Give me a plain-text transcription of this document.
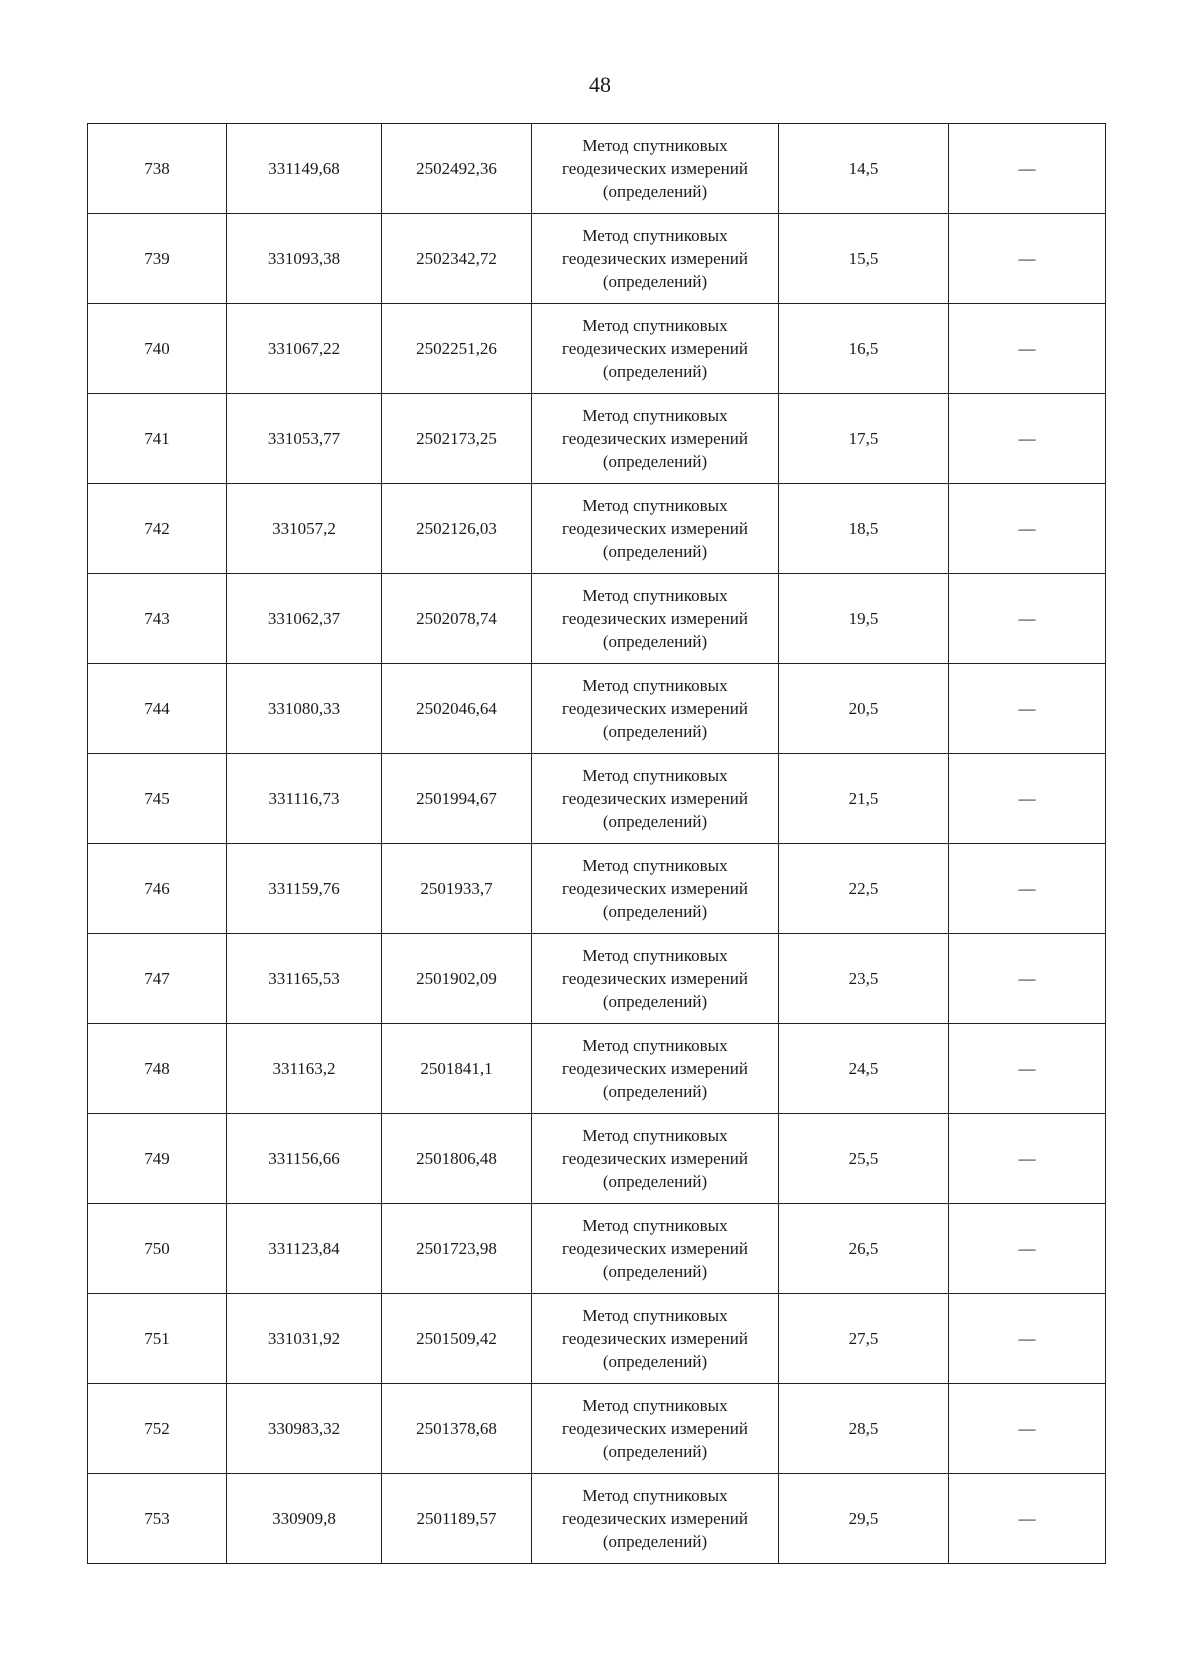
48
738	331149,68	2502492,36	Метод спутниковых
геодезических измерений
(определений)	14,5	—
739	331093,38	2502342,72	Метод спутниковых
геодезических измерений
(определений)	15,5	—
740	331067,22	2502251,26	Метод спутниковых
геодезических измерений
(определений)	16,5	—
741	331053,77	2502173,25	Метод спутниковых
геодезических измерений
(определений)	17,5	—
742	331057,2	2502126,03	Метод спутниковых
геодезических измерений
(определений)	18,5	—
743	331062,37	2502078,74	Метод спутниковых
геодезических измерений
(определений)	19,5	—
744	331080,33	2502046,64	Метод спутниковых
геодезических измерений
(определений)	20,5	—
745	331116,73	2501994,67	Метод спутниковых
геодезических измерений
(определений)	21,5	—
746	331159,76	2501933,7	Метод спутниковых
геодезических измерений
(определений)	22,5	—
747	331165,53	2501902,09	Метод спутниковых
геодезических измерений
(определений)	23,5	—
748	331163,2	2501841,1	Метод спутниковых
геодезических измерений
(определений)	24,5	—
749	331156,66	2501806,48	Метод спутниковых
геодезических измерений
(определений)	25,5	—
750	331123,84	2501723,98	Метод спутниковых
геодезических измерений
(определений)	26,5	—
751	331031,92	2501509,42	Метод спутниковых
геодезических измерений
(определений)	27,5	—
752	330983,32	2501378,68	Метод спутниковых
геодезических измерений
(определений)	28,5	—
753	330909,8	2501189,57	Метод спутниковых
геодезических измерений
(определений)	29,5	—
